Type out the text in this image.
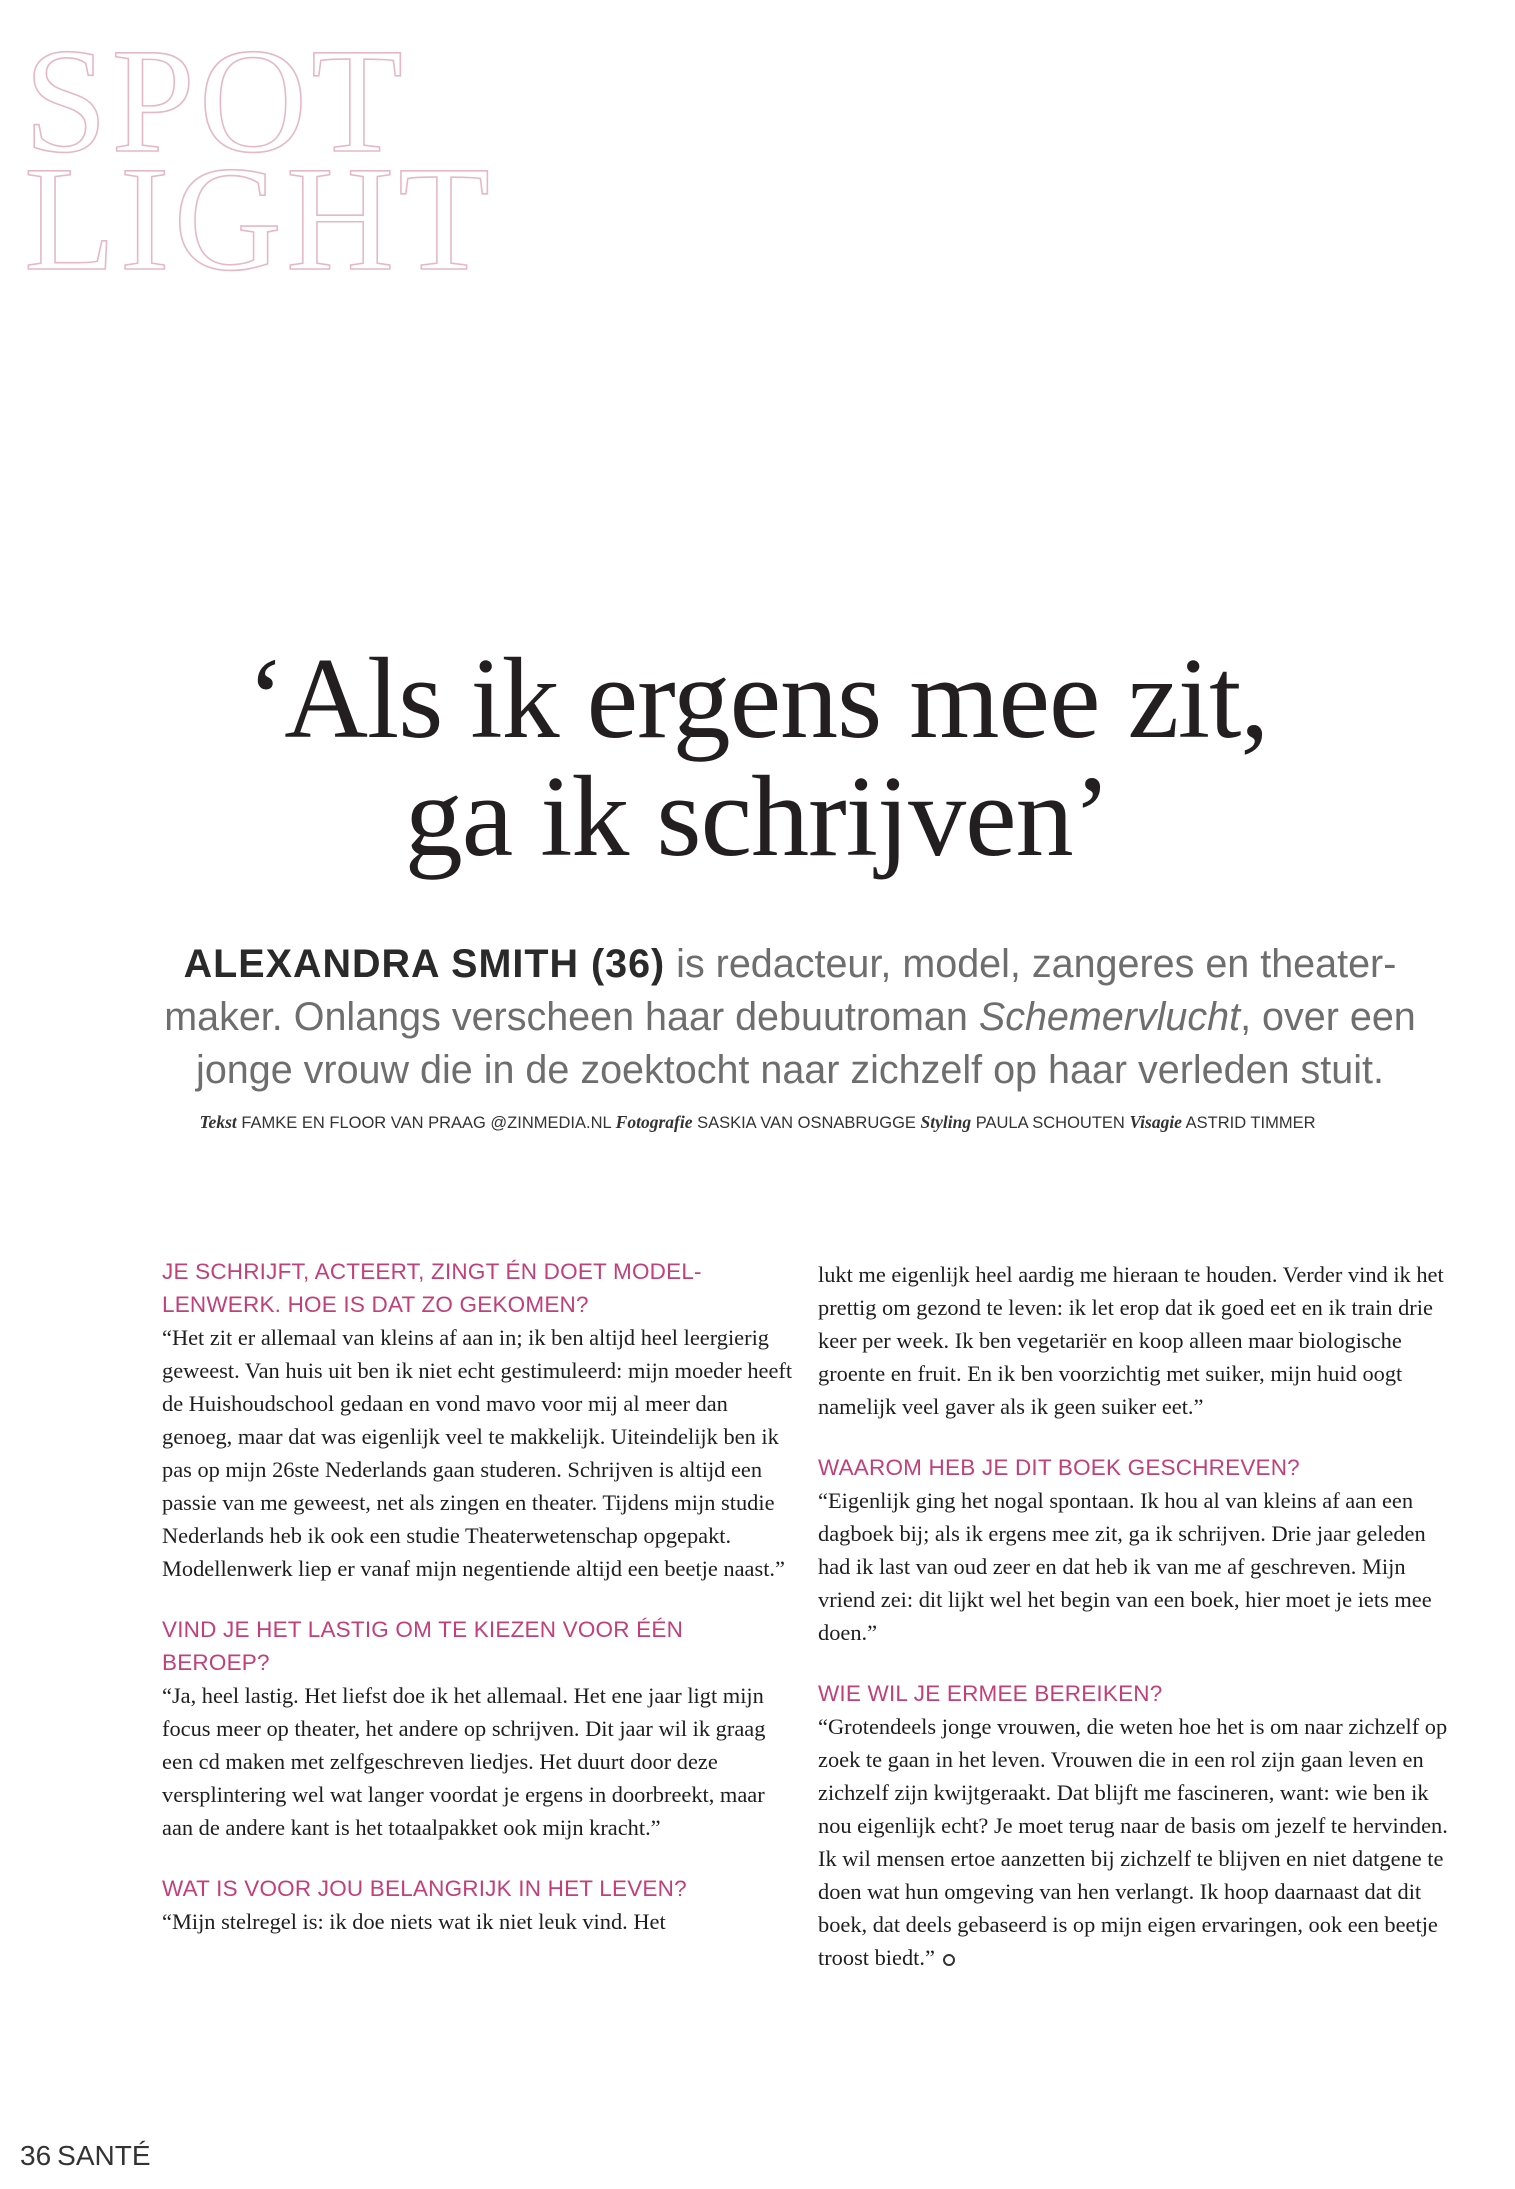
SPOT
LIGHT
‘Als ik ergens mee zit,
ga ik schrijven’
ALEXANDRA SMITH (36) is redacteur, model, zangeres en theatermaker. Onlangs verscheen haar debuutroman Schemervlucht, over een jonge vrouw die in de zoektocht naar zichzelf op haar verleden stuit.
Tekst FAMKE EN FLOOR VAN PRAAG @ZINMEDIA.NL Fotografie SASKIA VAN OSNABRUGGE Styling PAULA SCHOUTEN Visagie ASTRID TIMMER
JE SCHRIJFT, ACTEERT, ZINGT ÉN DOET MODELLENWERK. HOE IS DAT ZO GEKOMEN?

“Het zit er allemaal van kleins af aan in; ik ben altijd heel leergierig geweest. Van huis uit ben ik niet echt gestimuleerd: mijn moeder heeft de Huishoudschool gedaan en vond mavo voor mij al meer dan genoeg, maar dat was eigenlijk veel te makkelijk. Uiteindelijk ben ik pas op mijn 26ste Nederlands gaan studeren. Schrijven is altijd een passie van me geweest, net als zingen en theater. Tijdens mijn studie Nederlands heb ik ook een studie Theaterwetenschap opgepakt. Modellenwerk liep er vanaf mijn negentiende altijd een beetje naast.”

VIND JE HET LASTIG OM TE KIEZEN VOOR ÉÉN BEROEP?

“Ja, heel lastig. Het liefst doe ik het allemaal. Het ene jaar ligt mijn focus meer op theater, het andere op schrijven. Dit jaar wil ik graag een cd maken met zelfgeschreven liedjes. Het duurt door deze versplintering wel wat langer voordat je ergens in doorbreekt, maar aan de andere kant is het totaalpakket ook mijn kracht.”

WAT IS VOOR JOU BELANGRIJK IN HET LEVEN?

“Mijn stelregel is: ik doe niets wat ik niet leuk vind. Het

lukt me eigenlijk heel aardig me hieraan te houden. Verder vind ik het prettig om gezond te leven: ik let erop dat ik goed eet en ik train drie keer per week. Ik ben vegetariër en koop alleen maar biologische groente en fruit. En ik ben voorzichtig met suiker, mijn huid oogt namelijk veel gaver als ik geen suiker eet.”

WAAROM HEB JE DIT BOEK GESCHREVEN?

“Eigenlijk ging het nogal spontaan. Ik hou al van kleins af aan een dagboek bij; als ik ergens mee zit, ga ik schrijven. Drie jaar geleden had ik last van oud zeer en dat heb ik van me af geschreven. Mijn vriend zei: dit lijkt wel het begin van een boek, hier moet je iets mee doen.”

WIE WIL JE ERMEE BEREIKEN?

“Grotendeels jonge vrouwen, die weten hoe het is om naar zichzelf op zoek te gaan in het leven. Vrouwen die in een rol zijn gaan leven en zichzelf zijn kwijtgeraakt. Dat blijft me fascineren, want: wie ben ik nou eigenlijk echt? Je moet terug naar de basis om jezelf te hervinden. Ik wil mensen ertoe aanzetten bij zichzelf te blijven en niet datgene te doen wat hun omgeving van hen verlangt. Ik hoop daarnaast dat dit boek, dat deels gebaseerd is op mijn eigen ervaringen, ook een beetje troost biedt.”

36 SANTÉ
